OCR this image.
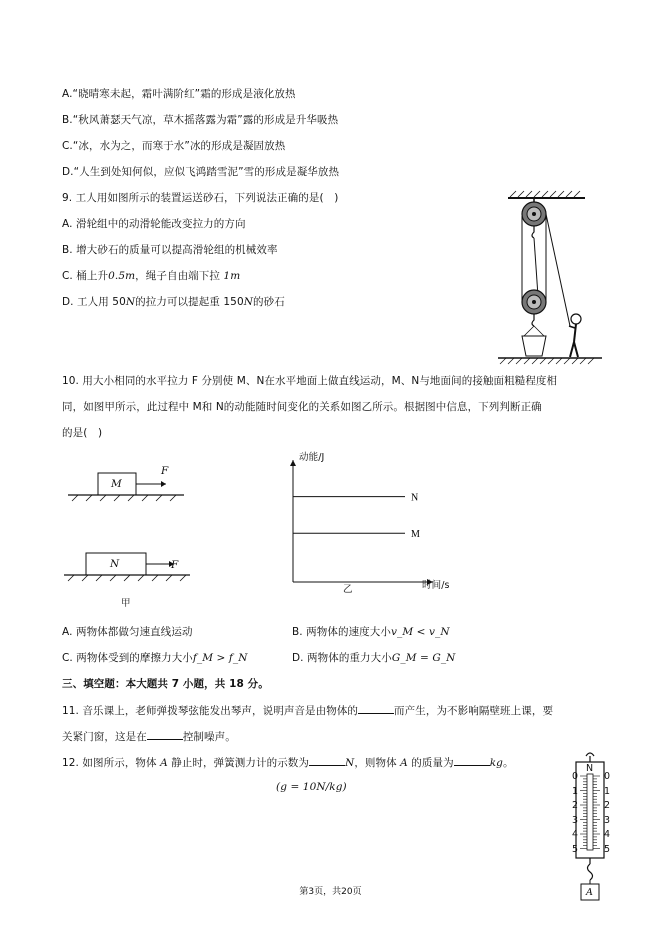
A.“晓晴寒未起，霜叶满阶红”霜的形成是液化放热
B.“秋风萧瑟天气凉，草木摇落露为霜”露的形成是升华吸热
C.“冰，水为之，而寒于水”冰的形成是凝固放热
D.“人生到处知何似，应似飞鸿踏雪泥”雪的形成是凝华放热
9. 工人用如图所示的装置运送砂石，下列说法正确的是(　)
A. 滑轮组中的动滑轮能改变拉力的方向
B. 增大砂石的质量可以提高滑轮组的机械效率
C. 桶上升0.5m，绳子自由端下拉 1m
D. 工人用 50N的拉力可以提起重 150N的砂石
10. 用大小相同的水平拉力 F 分别使 M、N在水平地面上做直线运动，M、N与地面间的接触面粗糙程度相
同，如图甲所示，此过程中 M和 N的动能随时间变化的关系如图乙所示。根据图中信息，下列判断正确
的是(　)
M
F
N	F
甲
N
M
动能/J
时间/s
乙
A. 两物体都做匀速直线运动	B. 两物体的速度大小v_M < v_N
C. 两物体受到的摩擦力大小f_M > f_N	D. 两物体的重力大小G_M = G_N
三、填空题：本大题共 7 小题，共 18 分。
11. 音乐课上，老师弹拨琴弦能发出琴声，说明声音是由物体的	而产生，为不影响隔壁班上课，要
关紧门窗，这是在	控制噪声。
12. 如图所示，物体 A 静止时，弹簧测力计的示数为	N，则物体 A 的质量为	kg。
(g = 10N/kg)
N
0
1
2
3
4
5
0
1
2
3
4
5
A
第3页，共20页
